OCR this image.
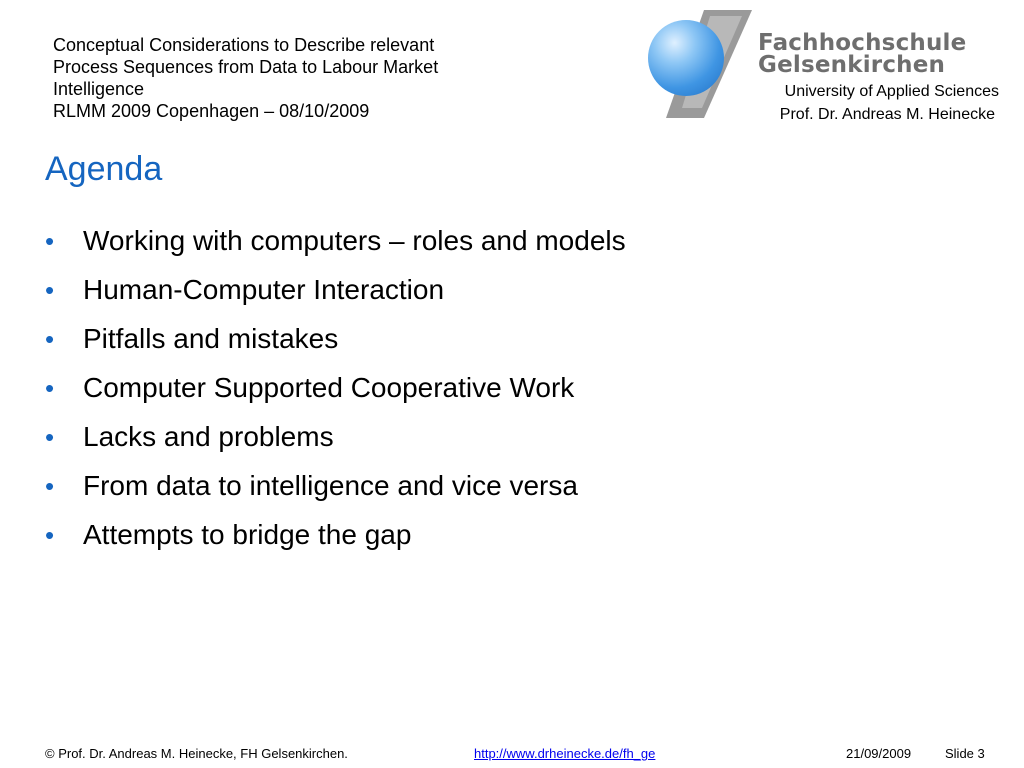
Conceptual Considerations to Describe relevant
Process Sequences from Data to Labour Market
Intelligence
RLMM 2009 Copenhagen – 08/10/2009
Fachhochschule
Gelsenkirchen
University of Applied Sciences
Prof. Dr. Andreas M. Heinecke
Agenda
• Working with computers – roles and models
• Human-Computer Interaction
• Pitfalls and mistakes
• Computer Supported Cooperative Work
• Lacks and problems
• From data to intelligence and vice versa
• Attempts to bridge the gap
© Prof. Dr. Andreas M. Heinecke, FH Gelsenkirchen.	http://www.drheinecke.de/fh_ge	21/09/2009	Slide 3
